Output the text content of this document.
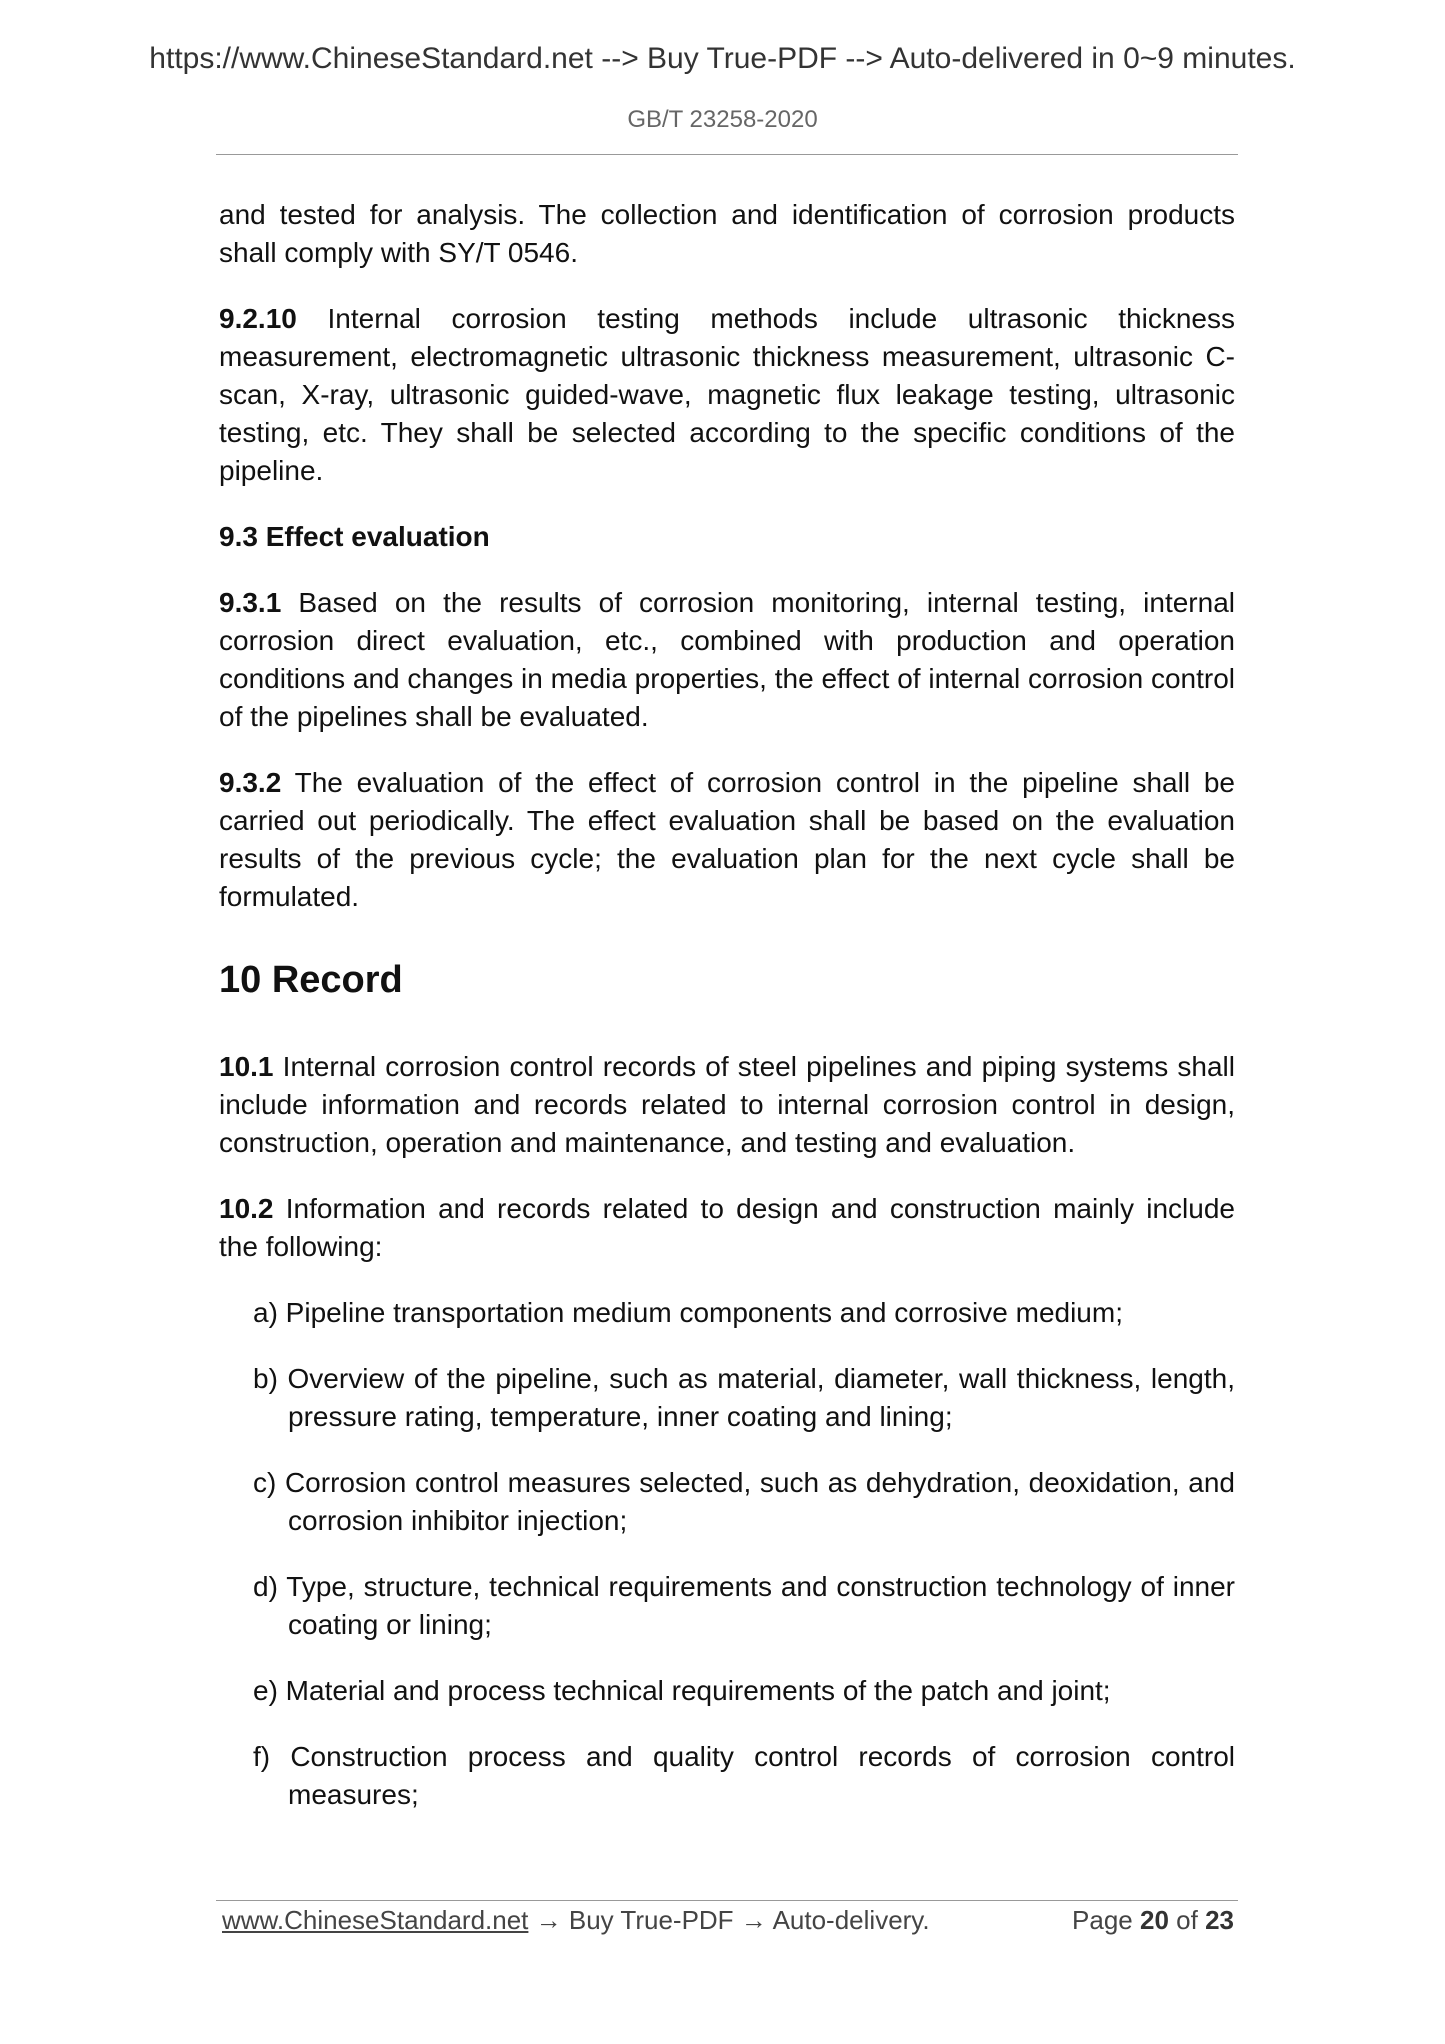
https://www.ChineseStandard.net --> Buy True-PDF --> Auto-delivered in 0~9 minutes.
GB/T 23258-2020

and tested for analysis. The collection and identification of corrosion products shall comply with SY/T 0546.

9.2.10 Internal corrosion testing methods include ultrasonic thickness measurement, electromagnetic ultrasonic thickness measurement, ultrasonic C-scan, X-ray, ultrasonic guided-wave, magnetic flux leakage testing, ultrasonic testing, etc. They shall be selected according to the specific conditions of the pipeline.

9.3 Effect evaluation

9.3.1 Based on the results of corrosion monitoring, internal testing, internal corrosion direct evaluation, etc., combined with production and operation conditions and changes in media properties, the effect of internal corrosion control of the pipelines shall be evaluated.

9.3.2 The evaluation of the effect of corrosion control in the pipeline shall be carried out periodically. The effect evaluation shall be based on the evaluation results of the previous cycle; the evaluation plan for the next cycle shall be formulated.

10 Record

10.1 Internal corrosion control records of steel pipelines and piping systems shall include information and records related to internal corrosion control in design, construction, operation and maintenance, and testing and evaluation.

10.2 Information and records related to design and construction mainly include the following:

a) Pipeline transportation medium components and corrosive medium;
b) Overview of the pipeline, such as material, diameter, wall thickness, length, pressure rating, temperature, inner coating and lining;
c) Corrosion control measures selected, such as dehydration, deoxidation, and corrosion inhibitor injection;
d) Type, structure, technical requirements and construction technology of inner coating or lining;
e) Material and process technical requirements of the patch and joint;
f) Construction process and quality control records of corrosion control measures;
www.ChineseStandard.net → Buy True-PDF → Auto-delivery.	Page 20 of 23
